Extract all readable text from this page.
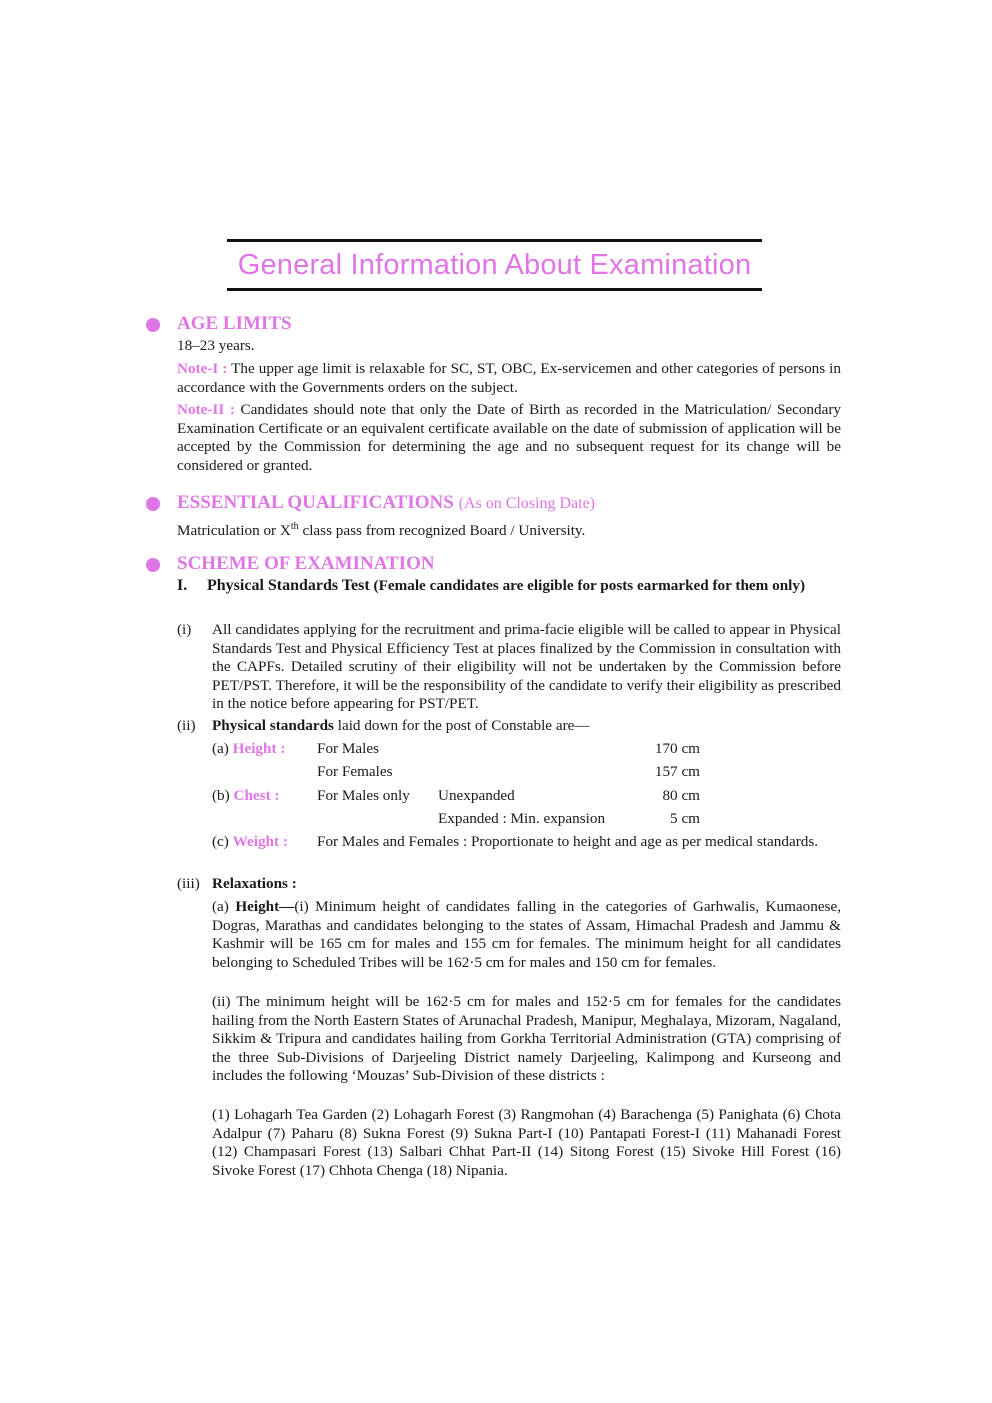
General Information About Examination
AGE LIMITS

18–23 years.

Note-I : The upper age limit is relaxable for SC, ST, OBC, Ex-servicemen and other categories of persons in accordance with the Governments orders on the subject.

Note-II : Candidates should note that only the Date of Birth as recorded in the Matriculation/ Secondary Examination Certificate or an equivalent certificate available on the date of submission of application will be accepted by the Commission for determining the age and no subsequent request for its change will be considered or granted.

ESSENTIAL QUALIFICATIONS (As on Closing Date)

Matriculation or Xth class pass from recognized Board / University.

SCHEME OF EXAMINATION
I. Physical Standards Test (Female candidates are eligible for posts earmarked for them only)

(i) All candidates applying for the recruitment and prima-facie eligible will be called to appear in Physical Standards Test and Physical Efficiency Test at places finalized by the Commission in consultation with the CAPFs. Detailed scrutiny of their eligibility will not be undertaken by the Commission before PET/PST. Therefore, it will be the responsibility of the candidate to verify their eligibility as prescribed in the notice before appearing for PST/PET.

(ii) Physical standards laid down for the post of Constable are—

(a) Height : For Males	170 cm
For Females	157 cm
(b) Chest : For Males only Unexpanded	80 cm
Expanded : Min. expansion	5 cm
(c) Weight : For Males and Females : Proportionate to height and age as per medical standards.

(iii) Relaxations :

(a) Height—(i) Minimum height of candidates falling in the categories of Garhwalis, Kumaonese, Dogras, Marathas and candidates belonging to the states of Assam, Himachal Pradesh and Jammu & Kashmir will be 165 cm for males and 155 cm for females. The minimum height for all candidates belonging to Scheduled Tribes will be 162·5 cm for males and 150 cm for females.

(ii) The minimum height will be 162·5 cm for males and 152·5 cm for females for the candidates hailing from the North Eastern States of Arunachal Pradesh, Manipur, Meghalaya, Mizoram, Nagaland, Sikkim & Tripura and candidates hailing from Gorkha Territorial Administration (GTA) comprising of the three Sub-Divisions of Darjeeling District namely Darjeeling, Kalimpong and Kurseong and includes the following ‘Mouzas’ Sub-Division of these districts :

(1) Lohagarh Tea Garden (2) Lohagarh Forest (3) Rangmohan (4) Barachenga (5) Panighata (6) Chota Adalpur (7) Paharu (8) Sukna Forest (9) Sukna Part-I (10) Pantapati Forest-I (11) Mahanadi Forest (12) Champasari Forest (13) Salbari Chhat Part-II (14) Sitong Forest (15) Sivoke Hill Forest (16) Sivoke Forest (17) Chhota Chenga (18) Nipania.
